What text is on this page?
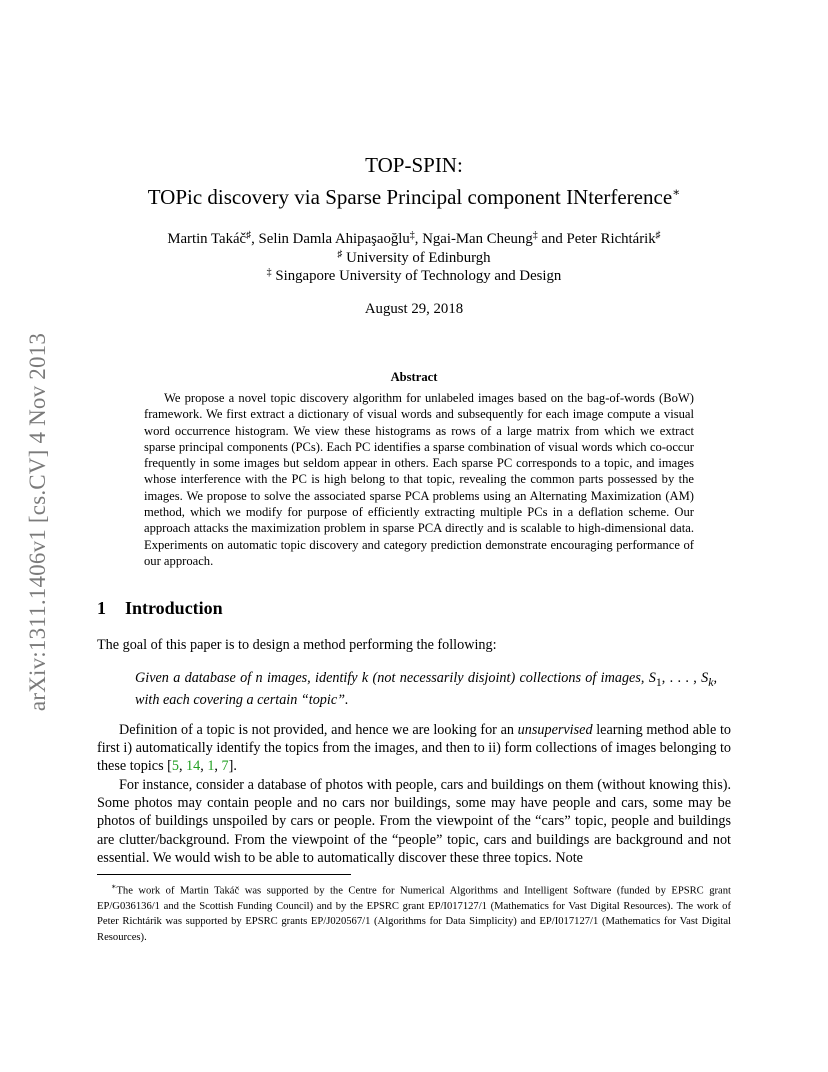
arXiv:1311.1406v1 [cs.CV] 4 Nov 2013
TOP-SPIN:
TOPic discovery via Sparse Principal component INterference∗
Martin Takáč♯, Selin Damla Ahipaşaoğlu‡, Ngai-Man Cheung‡ and Peter Richtárik♯
♯ University of Edinburgh
‡ Singapore University of Technology and Design
August 29, 2018
Abstract

We propose a novel topic discovery algorithm for unlabeled images based on the bag-of-words (BoW) framework. We first extract a dictionary of visual words and subsequently for each image compute a visual word occurrence histogram. We view these histograms as rows of a large matrix from which we extract sparse principal components (PCs). Each PC identifies a sparse combination of visual words which co-occur frequently in some images but seldom appear in others. Each sparse PC corresponds to a topic, and images whose interference with the PC is high belong to that topic, revealing the common parts possessed by the images. We propose to solve the associated sparse PCA problems using an Alternating Maximization (AM) method, which we modify for purpose of efficiently extracting multiple PCs in a deflation scheme. Our approach attacks the maximization problem in sparse PCA directly and is scalable to high-dimensional data. Experiments on automatic topic discovery and category prediction demonstrate encouraging performance of our approach.

1 Introduction

The goal of this paper is to design a method performing the following:

Given a database of n images, identify k (not necessarily disjoint) collections of images, $S_1$, . . . , $S_k$, with each covering a certain “topic”.

Definition of a topic is not provided, and hence we are looking for an unsupervised learning method able to first i) automatically identify the topics from the images, and then to ii) form collections of images belonging to these topics [5, 14, 1, 7].

For instance, consider a database of photos with people, cars and buildings on them (without knowing this). Some photos may contain people and no cars nor buildings, some may have people and cars, some may be photos of buildings unspoiled by cars or people. From the viewpoint of the “cars” topic, people and buildings are clutter/background. From the viewpoint of the “people” topic, cars and buildings are background and not essential. We would wish to be able to automatically discover these three topics. Note

∗The work of Martin Takáč was supported by the Centre for Numerical Algorithms and Intelligent Software (funded by EPSRC grant EP/G036136/1 and the Scottish Funding Council) and by the EPSRC grant EP/I017127/1 (Mathematics for Vast Digital Resources). The work of Peter Richtárik was supported by EPSRC grants EP/J020567/1 (Algorithms for Data Simplicity) and EP/I017127/1 (Mathematics for Vast Digital Resources).
